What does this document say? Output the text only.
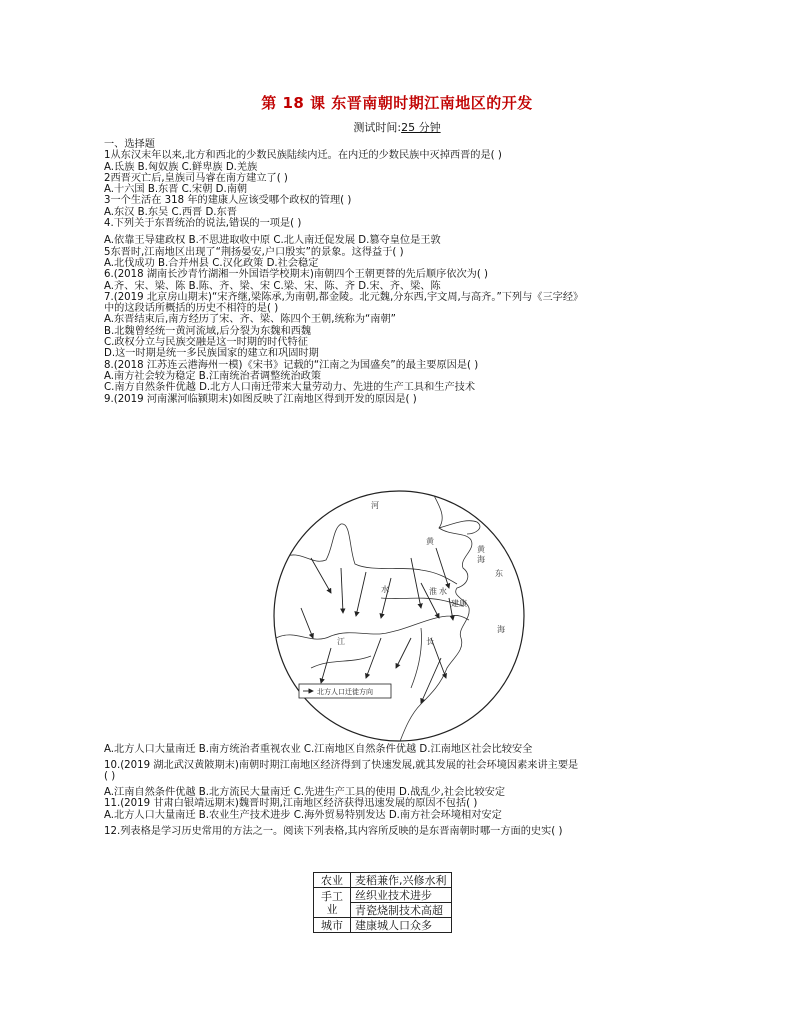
第 18 课 东晋南朝时期江南地区的开发
测试时间:25 分钟
一、选择题
1从东汉末年以来,北方和西北的少数民族陆续内迁。在内迁的少数民族中灭掉西晋的是( )
A.氐族 B.匈奴族 C.鲜卑族 D.羌族
2西晋灭亡后,皇族司马睿在南方建立了( )
A.十六国 B.东晋 C.宋朝 D.南朝
3一个生活在 318 年的建康人应该受哪个政权的管理( )
A.东汉 B.东吴 C.西晋 D.东晋
4.下列关于东晋统治的说法,错误的一项是( )
A.依靠王导建政权 B.不思进取收中原 C.北人南迁促发展 D.篡夺皇位是王敦
5东晋时,江南地区出现了“荆扬晏安,户口殷实”的景象。这得益于( )
A.北伐成功 B.合并州县 C.汉化政策 D.社会稳定
6.(2018 湖南长沙青竹湖湘一外国语学校期末)南朝四个王朝更替的先后顺序依次为( )
A.齐、宋、梁、陈 B.陈、齐、梁、宋 C.梁、宋、陈、齐 D.宋、齐、梁、陈
7.(2019 北京房山期末)“宋齐继,梁陈承,为南朝,都金陵。北元魏,分东西,宇文周,与高齐。”下列与《三字经》
中的这段话所概括的历史不相符的是( )
A.东晋结束后,南方经历了宋、齐、梁、陈四个王朝,统称为“南朝”
B.北魏曾经统一黄河流域,后分裂为东魏和西魏
C.政权分立与民族交融是这一时期的时代特征
D.这一时期是统一多民族国家的建立和巩固时期
8.(2018 江苏连云港海州一模)《宋书》记载的“江南之为国盛矣”的最主要原因是( )
A.南方社会较为稳定 B.江南统治者调整统治政策
C.南方自然条件优越 D.北方人口南迁带来大量劳动力、先进的生产工具和生产技术
9.(2019 河南漯河临颍期末)如图反映了江南地区得到开发的原因是( )
河
黄
水	淮 水
江	长
建康
东
海
黄
海
北方人口迁徙方向
A.北方人口大量南迁 B.南方统治者重视农业 C.江南地区自然条件优越 D.江南地区社会比较安全
10.(2019 湖北武汉黄陂期末)南朝时期江南地区经济得到了快速发展,就其发展的社会环境因素来讲主要是
( )
A.江南自然条件优越 B.北方流民大量南迁 C.先进生产工具的使用 D.战乱少,社会比较安定
11.(2019 甘肃白银靖远期末)魏晋时期,江南地区经济获得迅速发展的原因不包括( )
A.北方人口大量南迁 B.农业生产技术进步 C.海外贸易特别发达 D.南方社会环境相对安定
12.列表格是学习历史常用的方法之一。阅读下列表格,其内容所反映的是东晋南朝时哪一方面的史实( )
农业	麦稻兼作,兴修水利
手工业	丝织业技术进步
	青瓷烧制技术高超
城市	建康城人口众多
